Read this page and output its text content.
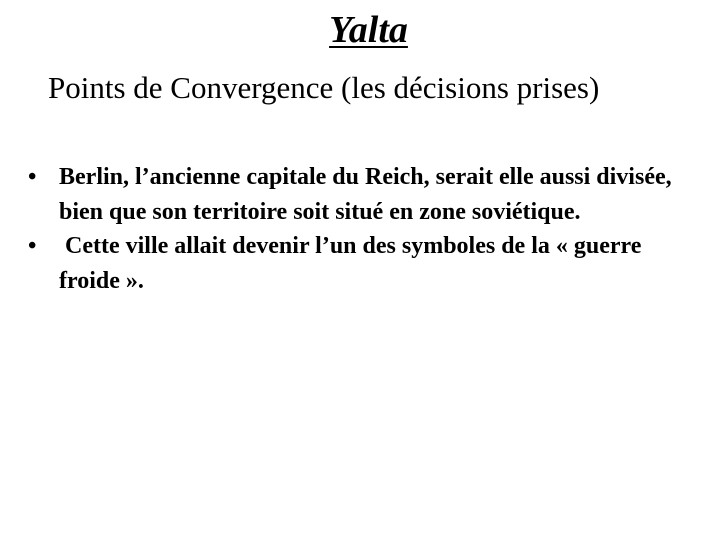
Yalta
Points de Convergence (les décisions prises)
• Berlin, l’ancienne capitale du Reich, serait elle aussi divisée, bien que son territoire soit situé en zone soviétique.
• Cette ville allait devenir l’un des symboles de la « guerre froide ».
